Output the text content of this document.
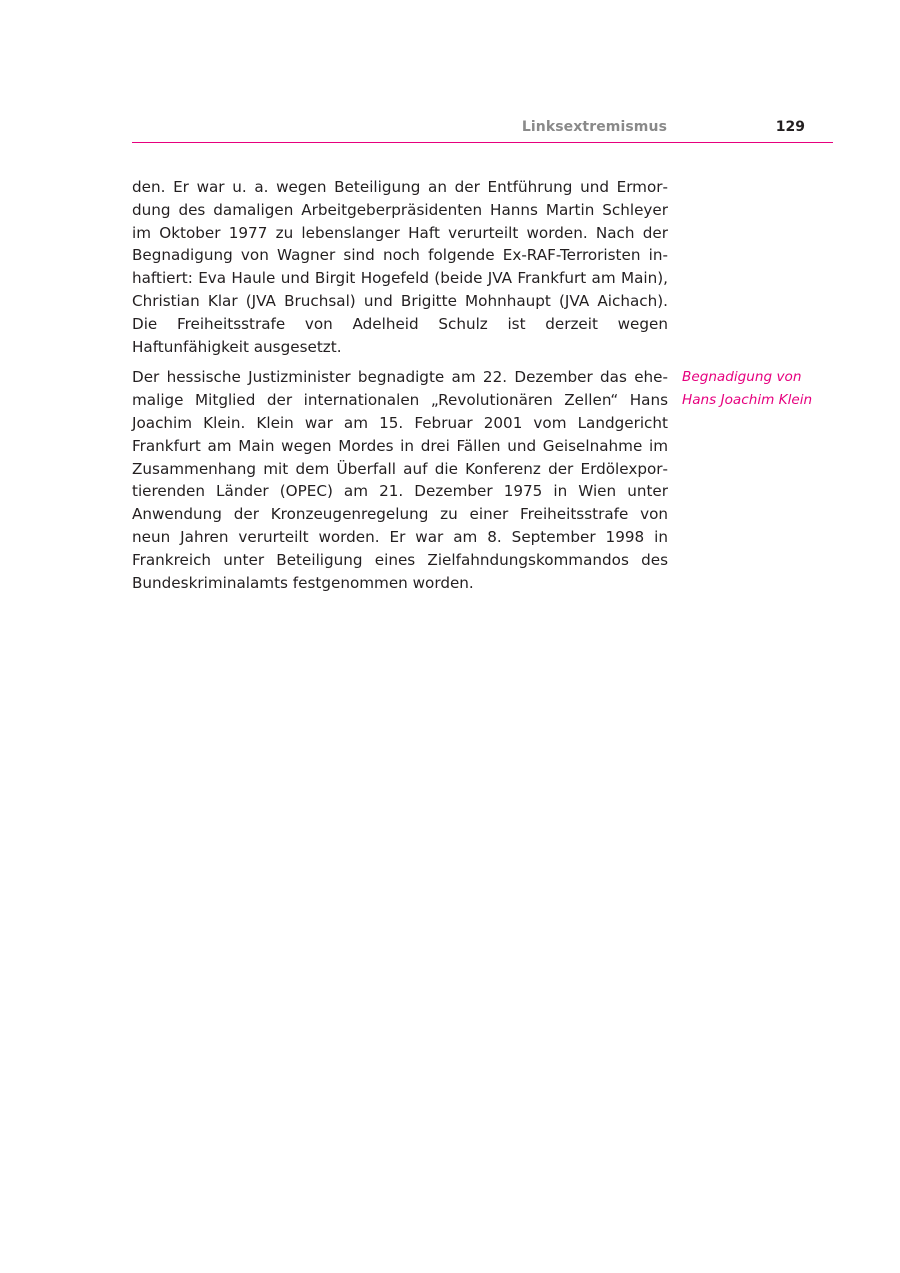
Linksextremismus	129

den. Er war u. a. wegen Beteiligung an der Entführung und Ermordung des damaligen Arbeitgeberpräsidenten Hanns Martin Schleyer im Oktober 1977 zu lebenslanger Haft verurteilt worden. Nach der Begnadigung von Wagner sind noch folgende Ex-RAF-Terroristen inhaftiert: Eva Haule und Birgit Hogefeld (beide JVA Frankfurt am Main), Christian Klar (JVA Bruchsal) und Brigitte Mohnhaupt (JVA Aichach). Die Freiheitsstrafe von Adelheid Schulz ist derzeit wegen Haftunfähigkeit ausgesetzt.

Der hessische Justizminister begnadigte am 22. Dezember das ehemalige Mitglied der internationalen „Revolutionären Zellen“ Hans Joachim Klein. Klein war am 15. Februar 2001 vom Landgericht Frankfurt am Main wegen Mordes in drei Fällen und Geiselnahme im Zusammenhang mit dem Überfall auf die Konferenz der Erdölexportierenden Länder (OPEC) am 21. Dezember 1975 in Wien unter Anwendung der Kronzeugenregelung zu einer Freiheitsstrafe von neun Jahren verurteilt worden. Er war am 8. September 1998 in Frankreich unter Beteiligung eines Zielfahndungskommandos des Bundeskriminalamts festgenommen worden.

Begnadigung von
Hans Joachim Klein
